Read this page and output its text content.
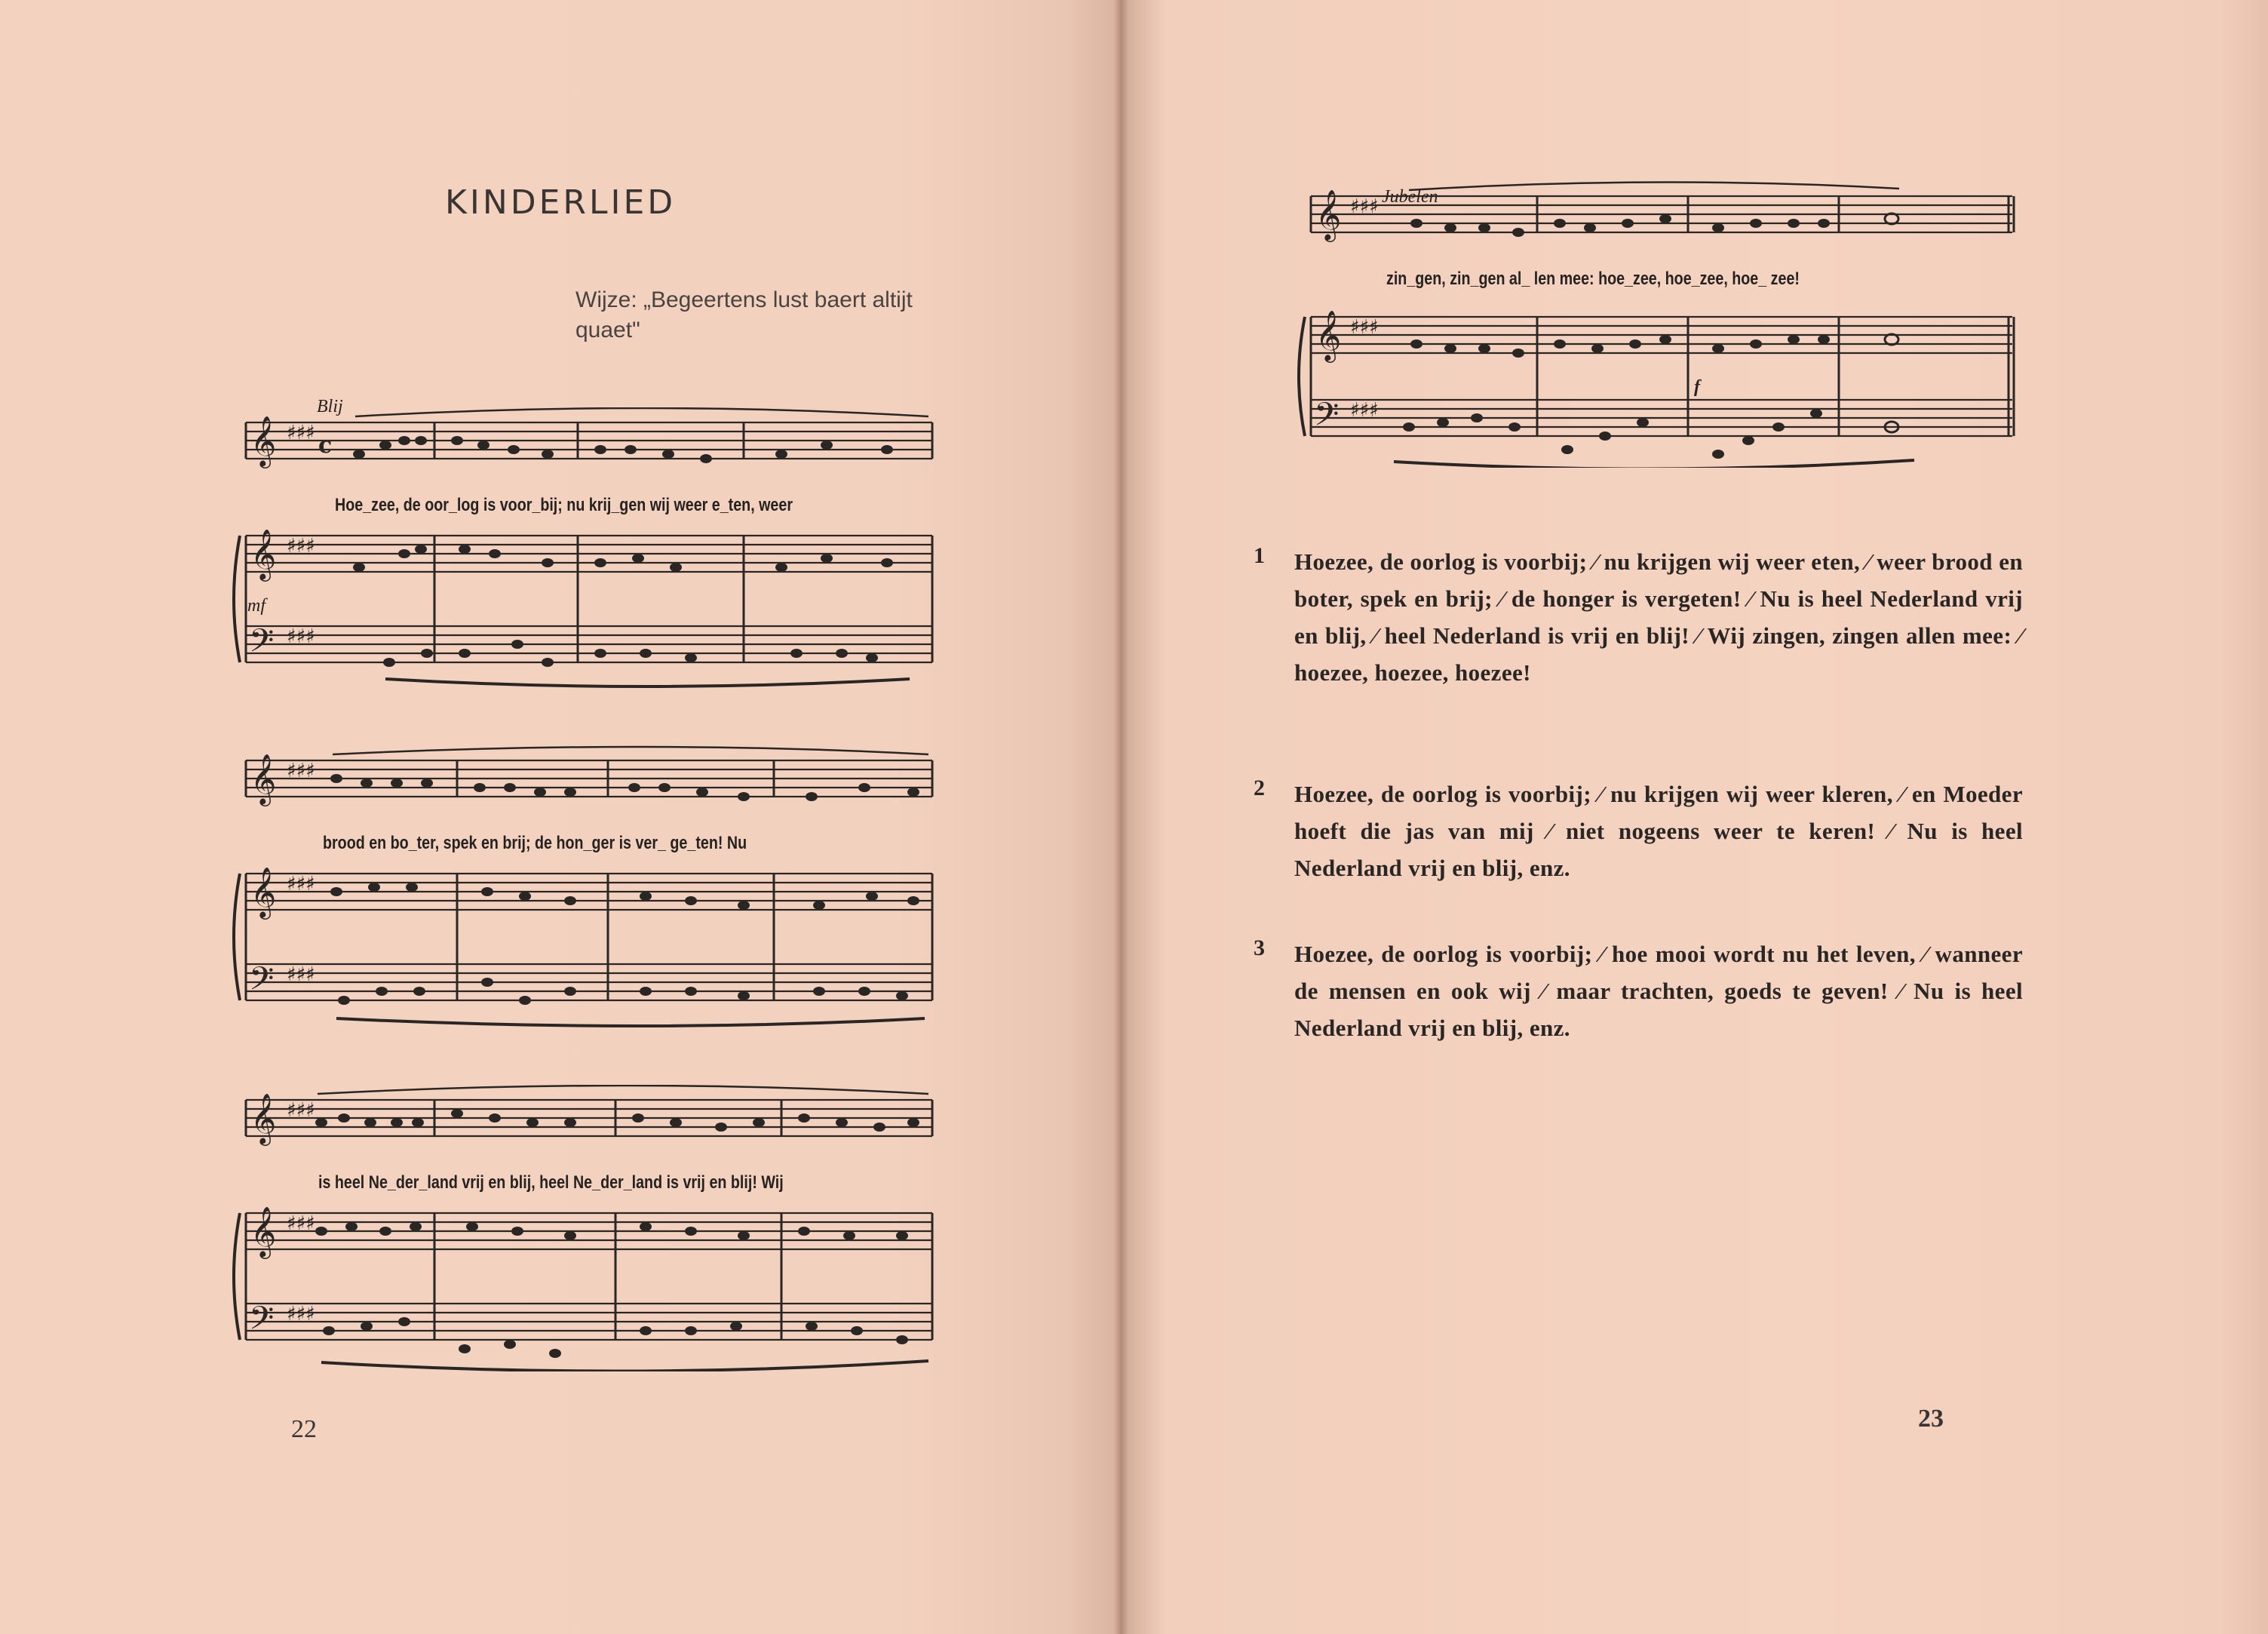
KINDERLIED
Wijze: „Begeertens lust baert altijt quaet"
𝄞 ♯♯♯ c
𝄞 ♯♯♯
𝄢 ♯♯♯
Blij
mf
Hoe_zee, de oor_log is voor_bij; nu krij_gen wij weer e_ten, weer
𝄞 ♯♯♯
𝄞 ♯♯♯
𝄢 ♯♯♯
brood en bo_ter, spek en brij; de hon_ger is ver_ ge_ten! Nu
𝄞 ♯♯♯
𝄞 ♯♯♯
𝄢 ♯♯♯
is heel Ne_der_land vrij en blij, heel Ne_der_land is vrij en blij! Wij
22
𝄞 ♯♯♯
𝄞 ♯♯♯
𝄢 ♯♯♯
Jubelen
f
zin_gen, zin_gen al_ len mee: hoe_zee, hoe_zee, hoe_ zee!
1 Hoezee, de oorlog is voorbij; ⁄ nu krijgen wij weer eten, ⁄ weer brood en boter, spek en brij; ⁄ de honger is vergeten! ⁄ Nu is heel Nederland vrij en blij, ⁄ heel Nederland is vrij en blij! ⁄ Wij zingen, zingen allen mee: ⁄ hoezee, hoezee, hoezee!
2 Hoezee, de oorlog is voorbij; ⁄ nu krijgen wij weer kleren, ⁄ en Moeder hoeft die jas van mij ⁄ niet nogeens weer te keren! ⁄ Nu is heel Nederland vrij en blij, enz.
3 Hoezee, de oorlog is voorbij; ⁄ hoe mooi wordt nu het leven, ⁄ wanneer de mensen en ook wij ⁄ maar trachten, goeds te geven! ⁄ Nu is heel Nederland vrij en blij, enz.
23
